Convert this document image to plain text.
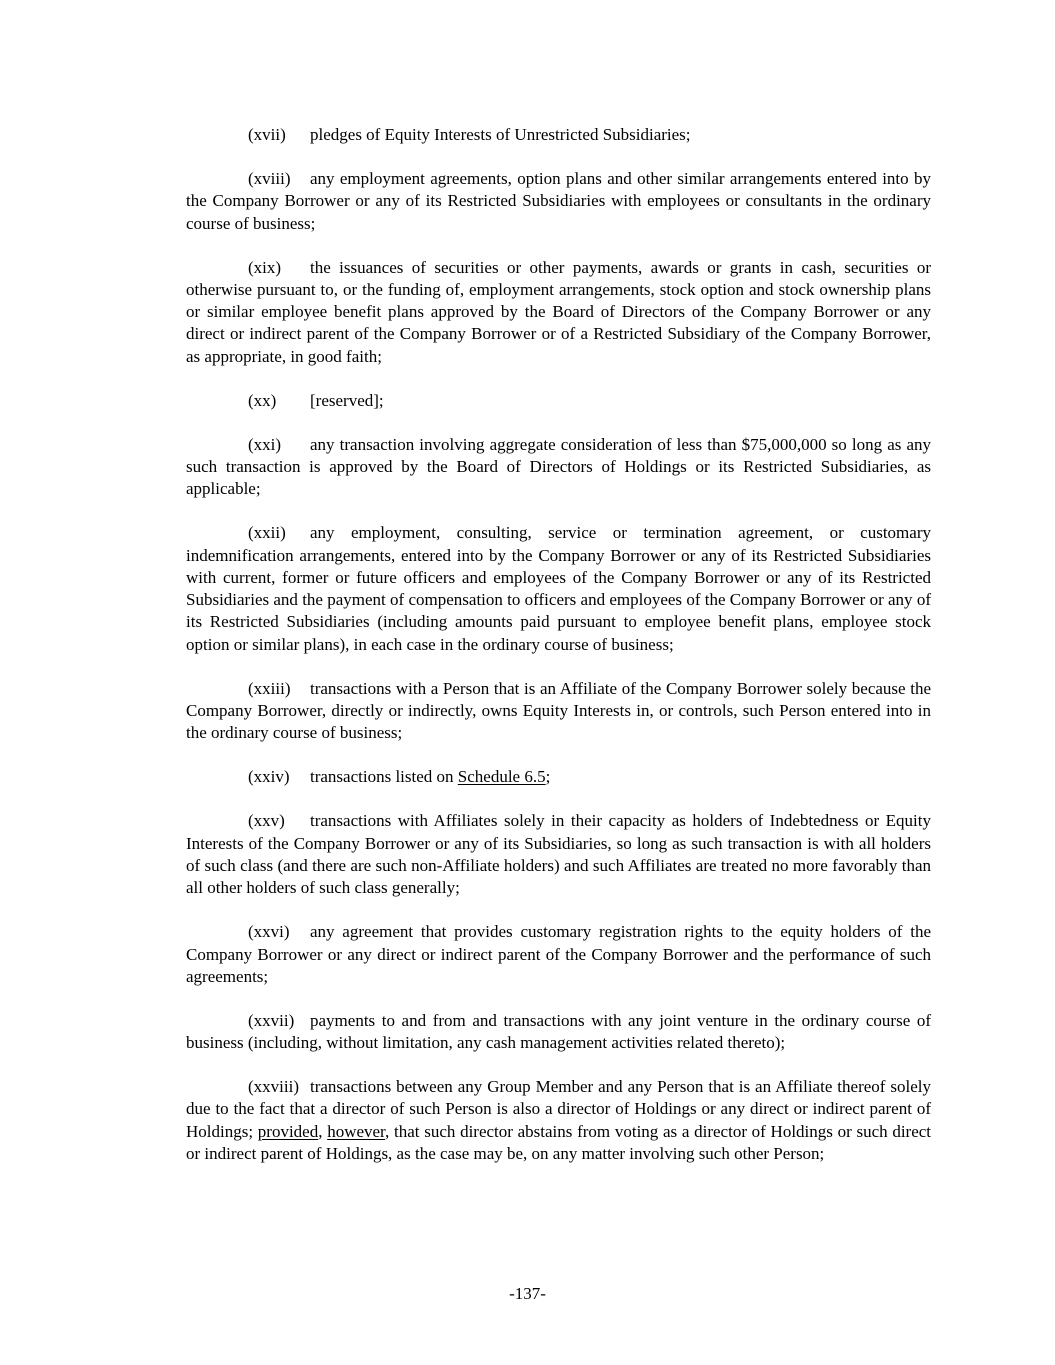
(xvii) pledges of Equity Interests of Unrestricted Subsidiaries;

(xviii) any employment agreements, option plans and other similar arrangements entered into by the Company Borrower or any of its Restricted Subsidiaries with employees or consultants in the ordinary course of business;

(xix) the issuances of securities or other payments, awards or grants in cash, securities or otherwise pursuant to, or the funding of, employment arrangements, stock option and stock ownership plans or similar employee benefit plans approved by the Board of Directors of the Company Borrower or any direct or indirect parent of the Company Borrower or of a Restricted Subsidiary of the Company Borrower, as appropriate, in good faith;

(xx) [reserved];

(xxi) any transaction involving aggregate consideration of less than $75,000,000 so long as any such transaction is approved by the Board of Directors of Holdings or its Restricted Subsidiaries, as applicable;

(xxii) any employment, consulting, service or termination agreement, or customary indemnification arrangements, entered into by the Company Borrower or any of its Restricted Subsidiaries with current, former or future officers and employees of the Company Borrower or any of its Restricted Subsidiaries and the payment of compensation to officers and employees of the Company Borrower or any of its Restricted Subsidiaries (including amounts paid pursuant to employee benefit plans, employee stock option or similar plans), in each case in the ordinary course of business;

(xxiii) transactions with a Person that is an Affiliate of the Company Borrower solely because the Company Borrower, directly or indirectly, owns Equity Interests in, or controls, such Person entered into in the ordinary course of business;

(xxiv) transactions listed on Schedule 6.5;

(xxv) transactions with Affiliates solely in their capacity as holders of Indebtedness or Equity Interests of the Company Borrower or any of its Subsidiaries, so long as such transaction is with all holders of such class (and there are such non-Affiliate holders) and such Affiliates are treated no more favorably than all other holders of such class generally;

(xxvi) any agreement that provides customary registration rights to the equity holders of the Company Borrower or any direct or indirect parent of the Company Borrower and the performance of such agreements;

(xxvii) payments to and from and transactions with any joint venture in the ordinary course of business (including, without limitation, any cash management activities related thereto);

(xxviii) transactions between any Group Member and any Person that is an Affiliate thereof solely due to the fact that a director of such Person is also a director of Holdings or any direct or indirect parent of Holdings; provided, however, that such director abstains from voting as a director of Holdings or such direct or indirect parent of Holdings, as the case may be, on any matter involving such other Person;

-137-
